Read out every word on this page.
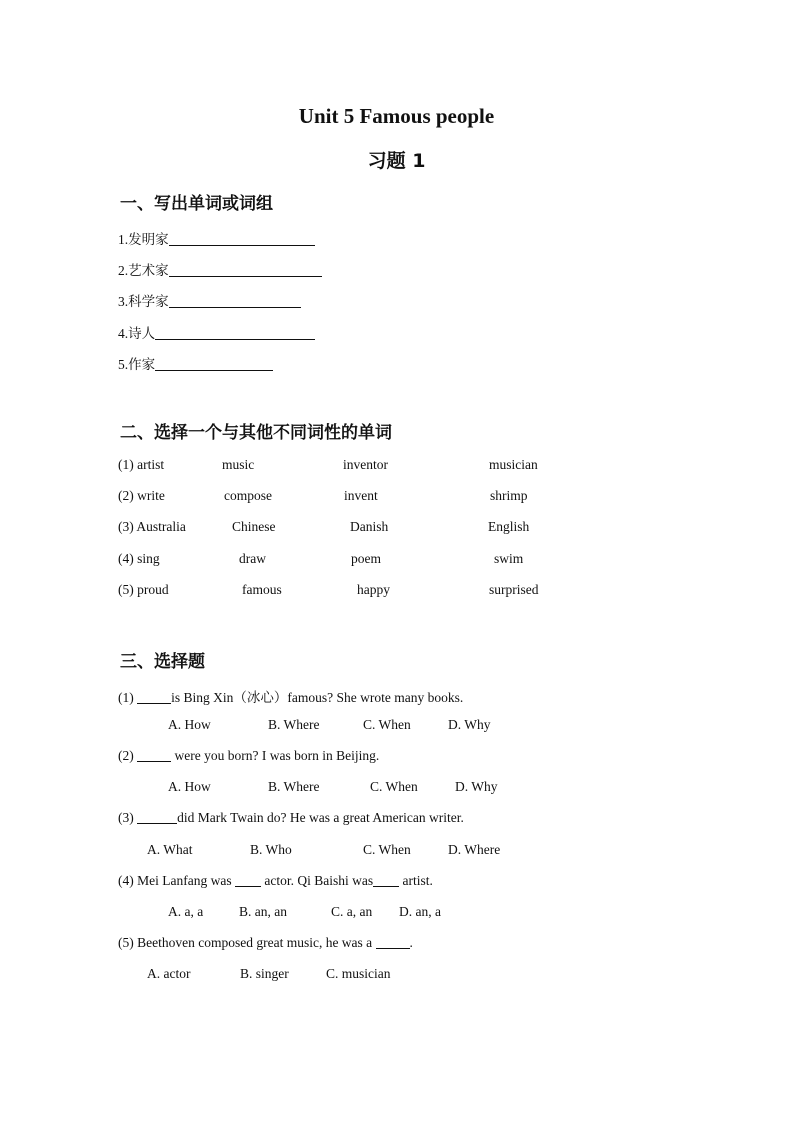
Unit 5 Famous people
习题 1
一、写出单词或词组
1.发明家
2.艺术家
3.科学家
4.诗人
5.作家
二、选择一个与其他不同词性的单词
(1) artist	music	inventor	musician
(2) write	compose	invent	shrimp
(3) Australia	Chinese	Danish	English
(4) sing	draw	poem	swim
(5) proud	famous	happy	surprised
三、选择题
(1)	is Bing Xin（冰心）famous? She wrote many books.
A. How	B. Where	C. When	D. Why
(2)	were you born? I was born in Beijing.
A. How	B. Where	C. When	D. Why
(3)	did Mark Twain do? He was a great American writer.
A. What	B. Who	C. When	D. Where
(4) Mei Lanfang was  actor. Qi Baishi was artist.
A. a, a	B. an, an	C. a, an D. an, a
(5) Beethoven composed great music, he was a	.
A. actor	B. singer	C. musician
